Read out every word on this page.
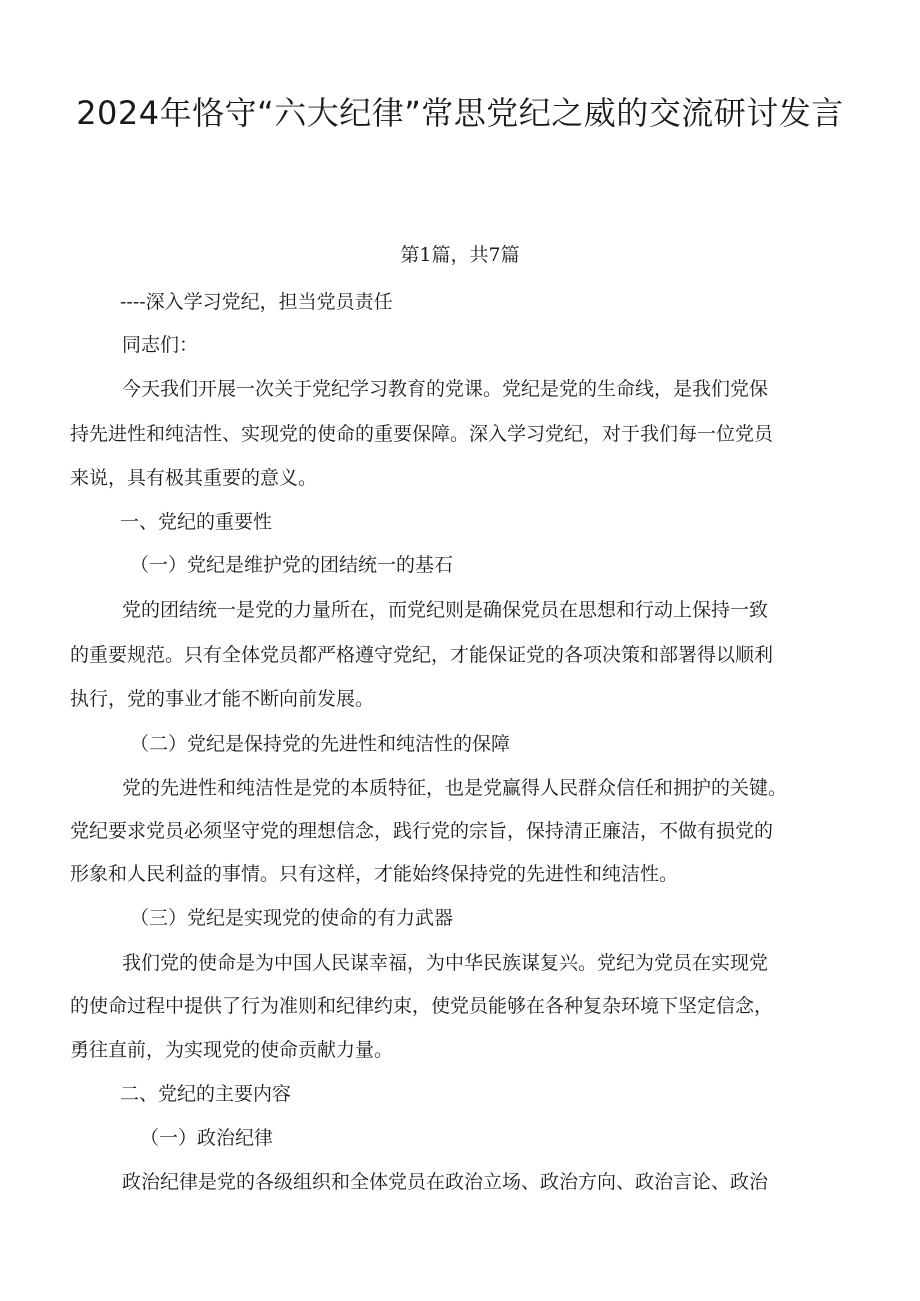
2024年恪守“六大纪律”常思党纪之威的交流研讨发言

第1篇，共7篇

----深入学习党纪，担当党员责任

同志们：

今天我们开展一次关于党纪学习教育的党课。党纪是党的生命线，是我们党保

持先进性和纯洁性、实现党的使命的重要保障。深入学习党纪，对于我们每一位党员

来说，具有极其重要的意义。

一、党纪的重要性

（一）党纪是维护党的团结统一的基石

党的团结统一是党的力量所在，而党纪则是确保党员在思想和行动上保持一致

的重要规范。只有全体党员都严格遵守党纪，才能保证党的各项决策和部署得以顺利

执行，党的事业才能不断向前发展。

（二）党纪是保持党的先进性和纯洁性的保障

党的先进性和纯洁性是党的本质特征，也是党赢得人民群众信任和拥护的关键。

党纪要求党员必须坚守党的理想信念，践行党的宗旨，保持清正廉洁，不做有损党的

形象和人民利益的事情。只有这样，才能始终保持党的先进性和纯洁性。

（三）党纪是实现党的使命的有力武器

我们党的使命是为中国人民谋幸福，为中华民族谋复兴。党纪为党员在实现党

的使命过程中提供了行为准则和纪律约束，使党员能够在各种复杂环境下坚定信念，

勇往直前，为实现党的使命贡献力量。

二、党纪的主要内容

（一）政治纪律

政治纪律是党的各级组织和全体党员在政治立场、政治方向、政治言论、政治
